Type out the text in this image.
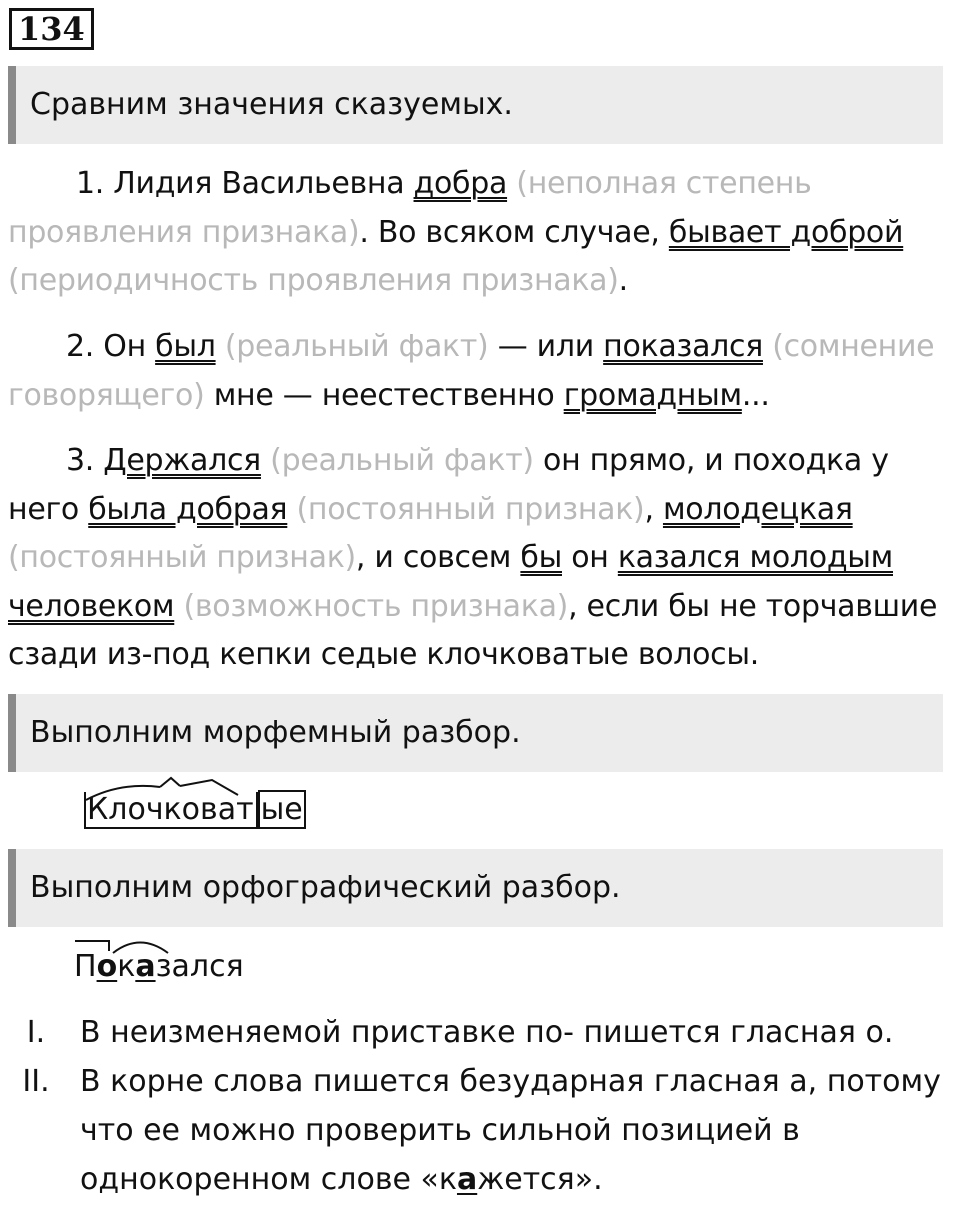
134
Сравним значения сказуемых.
1. Лидия Васильевна добра (неполная степень проявления признака). Во всяком случае, бывает доброй (периодичность проявления признака).
2. Он был (реальный факт) — или показался (сомнение говорящего) мне — неестественно громадным...
3. Держался (реальный факт) он прямо, и походка у него была добрая (постоянный признак), молодецкая (постоянный признак), и совсем бы он казался молодым человеком (возможность признака), если бы не торчавшие сзади из-под кепки седые клочковатые волосы.
Выполним морфемный разбор.
Клочковат ые
Выполним орфографический разбор.
Показался
I.	В неизменяемой приставке по- пишется гласная о.
II. В корне слова пишется безударная гласная а, потому что ее можно проверить сильной позицией в однокоренном слове «кажется».
